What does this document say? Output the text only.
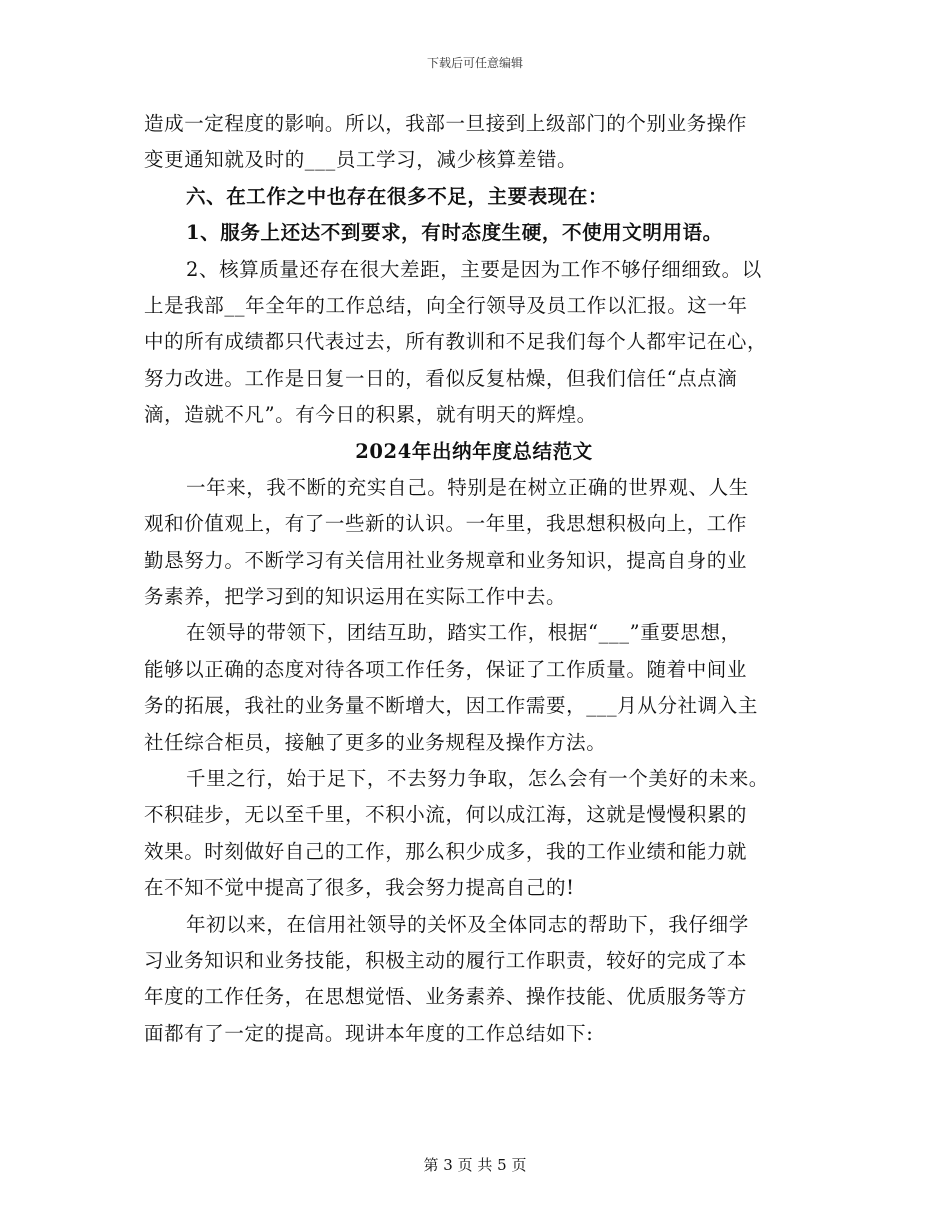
下载后可任意编辑
造成一定程度的影响。所以，我部一旦接到上级部门的个别业务操作
变更通知就及时的___员工学习，减少核算差错。
六、在工作之中也存在很多不足，主要表现在：
1、服务上还达不到要求，有时态度生硬，不使用文明用语。
2、核算质量还存在很大差距，主要是因为工作不够仔细细致。以
上是我部__年全年的工作总结，向全行领导及员工作以汇报。这一年
中的所有成绩都只代表过去，所有教训和不足我们每个人都牢记在心，
努力改进。工作是日复一日的，看似反复枯燥，但我们信任“点点滴
滴，造就不凡”。有今日的积累，就有明天的辉煌。
2024年出纳年度总结范文
一年来，我不断的充实自己。特别是在树立正确的世界观、人生
观和价值观上，有了一些新的认识。一年里，我思想积极向上，工作
勤恳努力。不断学习有关信用社业务规章和业务知识，提高自身的业
务素养，把学习到的知识运用在实际工作中去。
在领导的带领下，团结互助，踏实工作，根据“___”重要思想，
能够以正确的态度对待各项工作任务，保证了工作质量。随着中间业
务的拓展，我社的业务量不断增大，因工作需要，___月从分社调入主
社任综合柜员，接触了更多的业务规程及操作方法。
千里之行，始于足下，不去努力争取，怎么会有一个美好的未来。
不积硅步，无以至千里，不积小流，何以成江海，这就是慢慢积累的
效果。时刻做好自己的工作，那么积少成多，我的工作业绩和能力就
在不知不觉中提高了很多，我会努力提高自己的!
年初以来，在信用社领导的关怀及全体同志的帮助下，我仔细学
习业务知识和业务技能，积极主动的履行工作职责，较好的完成了本
年度的工作任务，在思想觉悟、业务素养、操作技能、优质服务等方
面都有了一定的提高。现讲本年度的工作总结如下:
第 3 页 共 5 页
